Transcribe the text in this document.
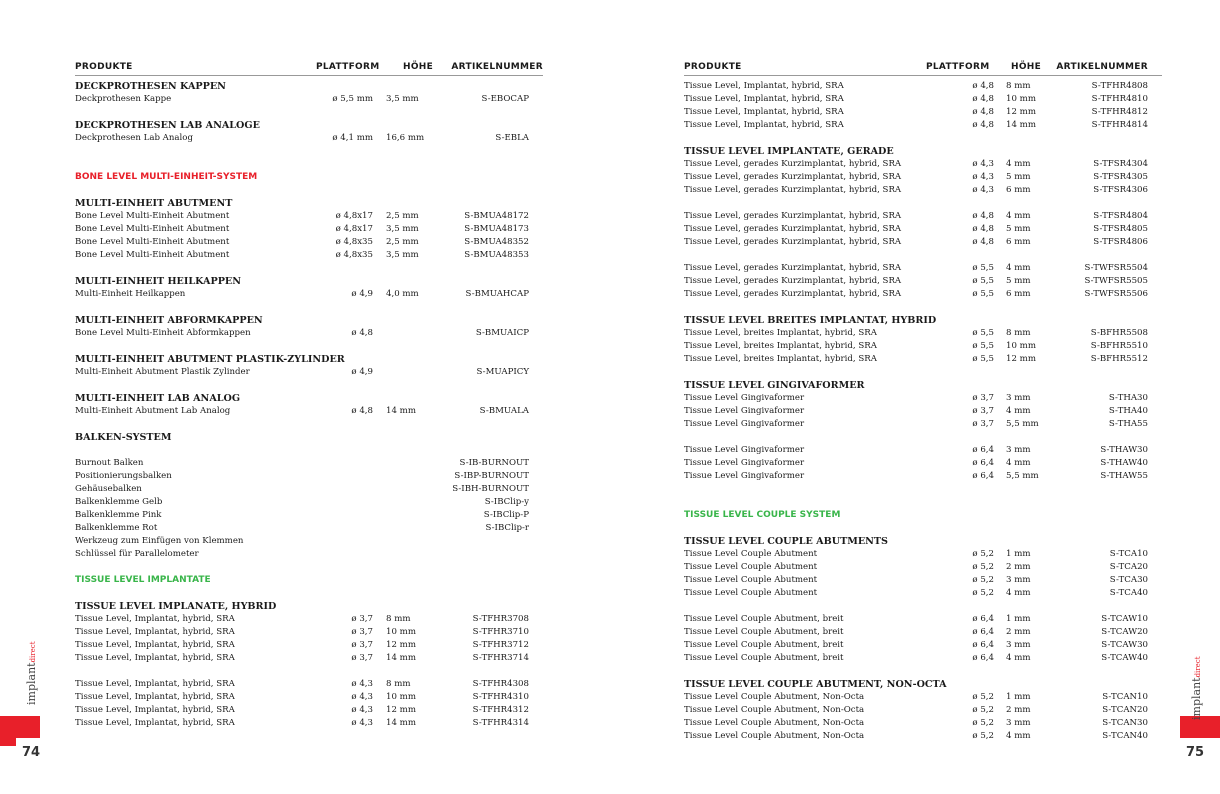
PRODUKTE	PLATTFORM	HÖHE ARTIKELNUMMER
DECKPROTHESEN KAPPEN
Deckprothesen Kappe	ø 5,5 mm 3,5 mm	S-EBOCAP
DECKPROTHESEN LAB ANALOGE
Deckprothesen Lab Analog	ø 4,1 mm 16,6 mm	S-EBLA
BONE LEVEL MULTI-EINHEIT-SYSTEM
MULTI-EINHEIT ABUTMENT
Bone Level Multi-Einheit Abutment	ø 4,8x17 2,5 mm	S-BMUA48172
Bone Level Multi-Einheit Abutment	ø 4,8x17 3,5 mm	S-BMUA48173
Bone Level Multi-Einheit Abutment	ø 4,8x35 2,5 mm	S-BMUA48352
Bone Level Multi-Einheit Abutment	ø 4,8x35 3,5 mm	S-BMUA48353
MULTI-EINHEIT HEILKAPPEN
Multi-Einheit Heilkappen	ø 4,9 4,0 mm	S-BMUAHCAP
MULTI-EINHEIT ABFORMKAPPEN
Bone Level Multi-Einheit Abformkappen	ø 4,8	S-BMUAICP
MULTI-EINHEIT ABUTMENT PLASTIK-ZYLINDER
Multi-Einheit Abutment Plastik Zylinder	ø 4,9	S-MUAPICY
MULTI-EINHEIT LAB ANALOG
Multi-Einheit Abutment Lab Analog	ø 4,8 14 mm	S-BMUALA
BALKEN-SYSTEM
Burnout Balken	S-IB-BURNOUT
Positionierungsbalken	S-IBP-BURNOUT
Gehäusebalken	S-IBH-BURNOUT
Balkenklemme Gelb	S-IBClip-y
Balkenklemme Pink	S-IBClip-P
Balkenklemme Rot	S-IBClip-r
Werkzeug zum Einfügen von Klemmen
Schlüssel für Parallelometer
TISSUE LEVEL IMPLANTATE
TISSUE LEVEL IMPLANATE, HYBRID
Tissue Level, Implantat, hybrid, SRA	ø 3,7 8 mm	S-TFHR3708
Tissue Level, Implantat, hybrid, SRA	ø 3,7 10 mm	S-TFHR3710
Tissue Level, Implantat, hybrid, SRA	ø 3,7 12 mm	S-TFHR3712
Tissue Level, Implantat, hybrid, SRA	ø 3,7 14 mm	S-TFHR3714
Tissue Level, Implantat, hybrid, SRA	ø 4,3 8 mm	S-TFHR4308
Tissue Level, Implantat, hybrid, SRA	ø 4,3 10 mm	S-TFHR4310
Tissue Level, Implantat, hybrid, SRA	ø 4,3 12 mm	S-TFHR4312
Tissue Level, Implantat, hybrid, SRA	ø 4,3 14 mm	S-TFHR4314
implantdirect
74
PRODUKTE	PLATTFORM HÖHE ARTIKELNUMMER
Tissue Level, Implantat, hybrid, SRA	ø 4,8 8 mm	S-TFHR4808
Tissue Level, Implantat, hybrid, SRA	ø 4,8 10 mm	S-TFHR4810
Tissue Level, Implantat, hybrid, SRA	ø 4,8 12 mm	S-TFHR4812
Tissue Level, Implantat, hybrid, SRA	ø 4,8 14 mm	S-TFHR4814
TISSUE LEVEL IMPLANTATE, GERADE
Tissue Level, gerades Kurzimplantat, hybrid, SRA	ø 4,3 4 mm	S-TFSR4304
Tissue Level, gerades Kurzimplantat, hybrid, SRA	ø 4,3 5 mm	S-TFSR4305
Tissue Level, gerades Kurzimplantat, hybrid, SRA	ø 4,3 6 mm	S-TFSR4306
Tissue Level, gerades Kurzimplantat, hybrid, SRA	ø 4,8 4 mm	S-TFSR4804
Tissue Level, gerades Kurzimplantat, hybrid, SRA	ø 4,8 5 mm	S-TFSR4805
Tissue Level, gerades Kurzimplantat, hybrid, SRA	ø 4,8 6 mm	S-TFSR4806
Tissue Level, gerades Kurzimplantat, hybrid, SRA	ø 5,5 4 mm	S-TWFSR5504
Tissue Level, gerades Kurzimplantat, hybrid, SRA	ø 5,5 5 mm	S-TWFSR5505
Tissue Level, gerades Kurzimplantat, hybrid, SRA	ø 5,5 6 mm	S-TWFSR5506
TISSUE LEVEL BREITES IMPLANTAT, HYBRID
Tissue Level, breites Implantat, hybrid, SRA	ø 5,5 8 mm	S-BFHR5508
Tissue Level, breites Implantat, hybrid, SRA	ø 5,5 10 mm	S-BFHR5510
Tissue Level, breites Implantat, hybrid, SRA	ø 5,5 12 mm	S-BFHR5512
TISSUE LEVEL GINGIVAFORMER
Tissue Level Gingivaformer	ø 3,7 3 mm	S-THA30
Tissue Level Gingivaformer	ø 3,7 4 mm	S-THA40
Tissue Level Gingivaformer	ø 3,7 5,5 mm	S-THA55
Tissue Level Gingivaformer	ø 6,4 3 mm	S-THAW30
Tissue Level Gingivaformer	ø 6,4 4 mm	S-THAW40
Tissue Level Gingivaformer	ø 6,4 5,5 mm	S-THAW55
TISSUE LEVEL COUPLE SYSTEM
TISSUE LEVEL COUPLE ABUTMENTS
Tissue Level Couple Abutment	ø 5,2 1 mm	S-TCA10
Tissue Level Couple Abutment	ø 5,2 2 mm	S-TCA20
Tissue Level Couple Abutment	ø 5,2 3 mm	S-TCA30
Tissue Level Couple Abutment	ø 5,2 4 mm	S-TCA40
Tissue Level Couple Abutment, breit	ø 6,4 1 mm	S-TCAW10
Tissue Level Couple Abutment, breit	ø 6,4 2 mm	S-TCAW20
Tissue Level Couple Abutment, breit	ø 6,4 3 mm	S-TCAW30
Tissue Level Couple Abutment, breit	ø 6,4 4 mm	S-TCAW40
TISSUE LEVEL COUPLE ABUTMENT, NON-OCTA
Tissue Level Couple Abutment, Non-Octa	ø 5,2 1 mm	S-TCAN10
Tissue Level Couple Abutment, Non-Octa	ø 5,2 2 mm	S-TCAN20
Tissue Level Couple Abutment, Non-Octa	ø 5,2 3 mm	S-TCAN30
Tissue Level Couple Abutment, Non-Octa	ø 5,2 4 mm	S-TCAN40
implantdirect
75
